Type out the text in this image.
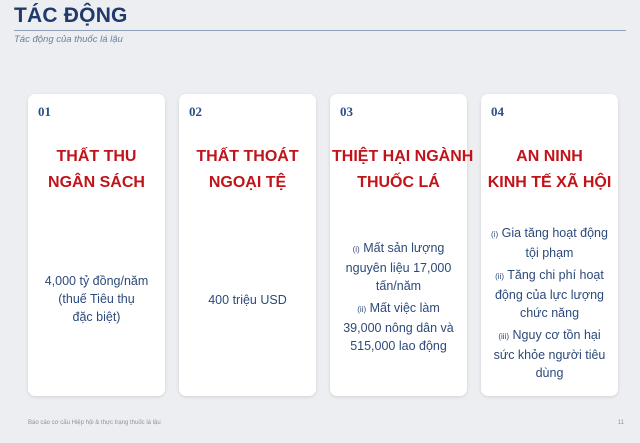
TÁC ĐỘNG
Tác động của thuốc lá lậu
01
THẤT THU
NGÂN SÁCH
4,000 tỷ đồng/năm
(thuế Tiêu thụ
đặc biệt)
02
THẤT THOÁT
NGOẠI TỆ
400 triệu USD
03
THIỆT HẠI NGÀNH
THUỐC LÁ
(i) Mất sản lượng
nguyên liệu 17,000
tấn/năm
(ii) Mất việc làm
39,000 nông dân và
515,000 lao động
04
AN NINH
KINH TẾ XÃ HỘI
(i) Gia tăng hoạt động
tội phạm
(ii) Tăng chi phí hoạt
động của lực lượng
chức năng
(iii) Nguy cơ tồn hại
sức khỏe người tiêu
dùng
Báo cáo cơ cấu Hiệp hội & thực trạng thuốc lá lậu	11
